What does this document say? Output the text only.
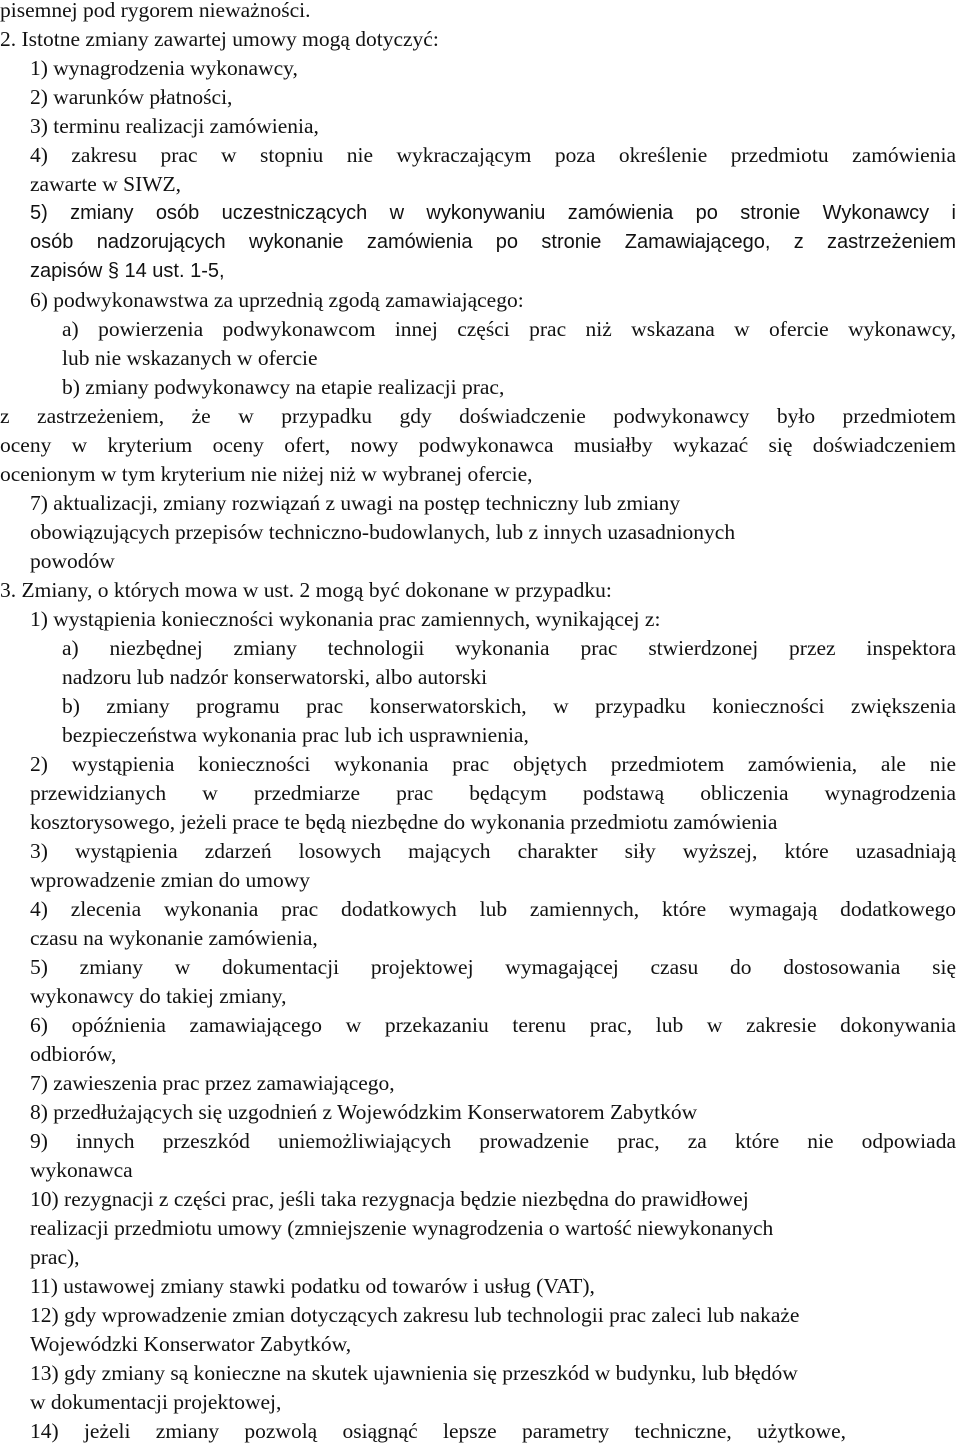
pisemnej pod rygorem nieważności.
2. Istotne zmiany zawartej umowy mogą dotyczyć:
1) wynagrodzenia wykonawcy,
2) warunków płatności,
3) terminu realizacji zamówienia,
4) zakresu prac w stopniu nie wykraczającym poza określenie przedmiotu zamówienia
zawarte w SIWZ,
5) zmiany osób uczestniczących w wykonywaniu zamówienia po stronie Wykonawcy i
osób nadzorujących wykonanie zamówienia po stronie Zamawiającego, z zastrzeżeniem
zapisów § 14 ust. 1-5,
6) podwykonawstwa za uprzednią zgodą zamawiającego:
a) powierzenia podwykonawcom innej części prac niż wskazana w ofercie wykonawcy,
lub nie wskazanych w ofercie
b) zmiany podwykonawcy na etapie realizacji prac,
z zastrzeżeniem, że w przypadku gdy doświadczenie podwykonawcy było przedmiotem
oceny w kryterium oceny ofert, nowy podwykonawca musiałby wykazać się doświadczeniem
ocenionym w tym kryterium nie niżej niż w wybranej ofercie,
7) aktualizacji, zmiany rozwiązań z uwagi na postęp techniczny lub zmiany
obowiązujących przepisów techniczno-budowlanych, lub z innych uzasadnionych
powodów
3. Zmiany, o których mowa w ust. 2 mogą być dokonane w przypadku:
1) wystąpienia konieczności wykonania prac zamiennych, wynikającej z:
a) niezbędnej zmiany technologii wykonania prac stwierdzonej przez inspektora
nadzoru lub nadzór konserwatorski, albo autorski
b) zmiany programu prac konserwatorskich, w przypadku konieczności zwiększenia
bezpieczeństwa wykonania prac lub ich usprawnienia,
2) wystąpienia konieczności wykonania prac objętych przedmiotem zamówienia, ale nie
przewidzianych w przedmiarze prac będącym podstawą obliczenia wynagrodzenia
kosztorysowego, jeżeli prace te będą niezbędne do wykonania przedmiotu zamówienia
3) wystąpienia zdarzeń losowych mających charakter siły wyższej, które uzasadniają
wprowadzenie zmian do umowy
4) zlecenia wykonania prac dodatkowych lub zamiennych, które wymagają dodatkowego
czasu na wykonanie zamówienia,
5) zmiany w dokumentacji projektowej wymagającej czasu do dostosowania się
wykonawcy do takiej zmiany,
6) opóźnienia zamawiającego w przekazaniu terenu prac, lub w zakresie dokonywania
odbiorów,
7) zawieszenia prac przez zamawiającego,
8) przedłużających się uzgodnień z Wojewódzkim Konserwatorem Zabytków
9) innych przeszkód uniemożliwiających prowadzenie prac, za które nie odpowiada
wykonawca
10) rezygnacji z części prac, jeśli taka rezygnacja będzie niezbędna do prawidłowej
realizacji przedmiotu umowy (zmniejszenie wynagrodzenia o wartość niewykonanych
prac),
11) ustawowej zmiany stawki podatku od towarów i usług (VAT),
12) gdy wprowadzenie zmian dotyczących zakresu lub technologii prac zaleci lub nakaże
Wojewódzki Konserwator Zabytków,
13) gdy zmiany są konieczne na skutek ujawnienia się przeszkód w budynku, lub błędów
w dokumentacji projektowej,
14) jeżeli zmiany pozwolą osiągnąć lepsze parametry techniczne, użytkowe,
